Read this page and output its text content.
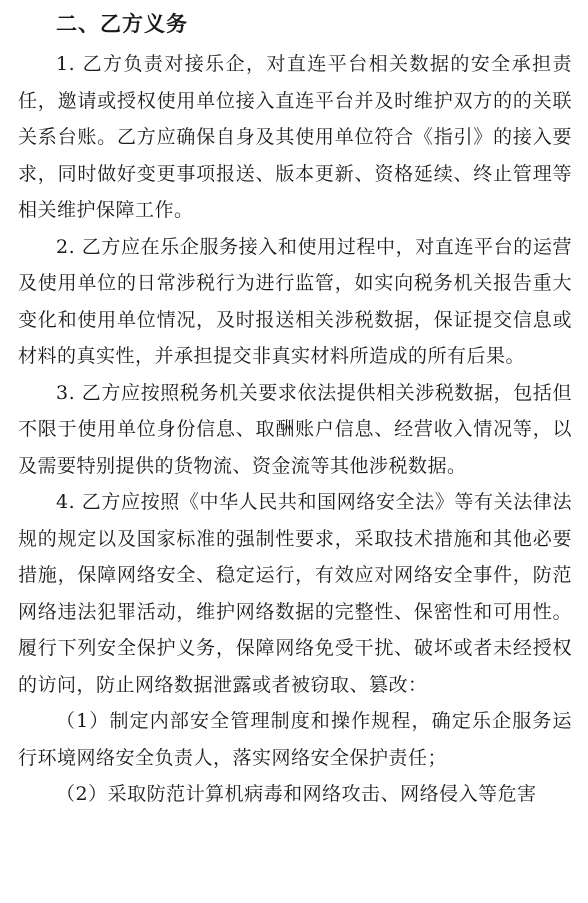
二、乙方义务

1. 乙方负责对接乐企，对直连平台相关数据的安全承担责任，邀请或授权使用单位接入直连平台并及时维护双方的的关联关系台账。乙方应确保自身及其使用单位符合《指引》的接入要求，同时做好变更事项报送、版本更新、资格延续、终止管理等相关维护保障工作。

2. 乙方应在乐企服务接入和使用过程中，对直连平台的运营及使用单位的日常涉税行为进行监管，如实向税务机关报告重大变化和使用单位情况，及时报送相关涉税数据，保证提交信息或材料的真实性，并承担提交非真实材料所造成的所有后果。

3. 乙方应按照税务机关要求依法提供相关涉税数据，包括但不限于使用单位身份信息、取酬账户信息、经营收入情况等，以及需要特别提供的货物流、资金流等其他涉税数据。

4. 乙方应按照《中华人民共和国网络安全法》等有关法律法规的规定以及国家标准的强制性要求，采取技术措施和其他必要措施，保障网络安全、稳定运行，有效应对网络安全事件，防范网络违法犯罪活动，维护网络数据的完整性、保密性和可用性。履行下列安全保护义务，保障网络免受干扰、破坏或者未经授权的访问，防止网络数据泄露或者被窃取、篡改：

（1）制定内部安全管理制度和操作规程，确定乐企服务运行环境网络安全负责人，落实网络安全保护责任；

（2）采取防范计算机病毒和网络攻击、网络侵入等危害
